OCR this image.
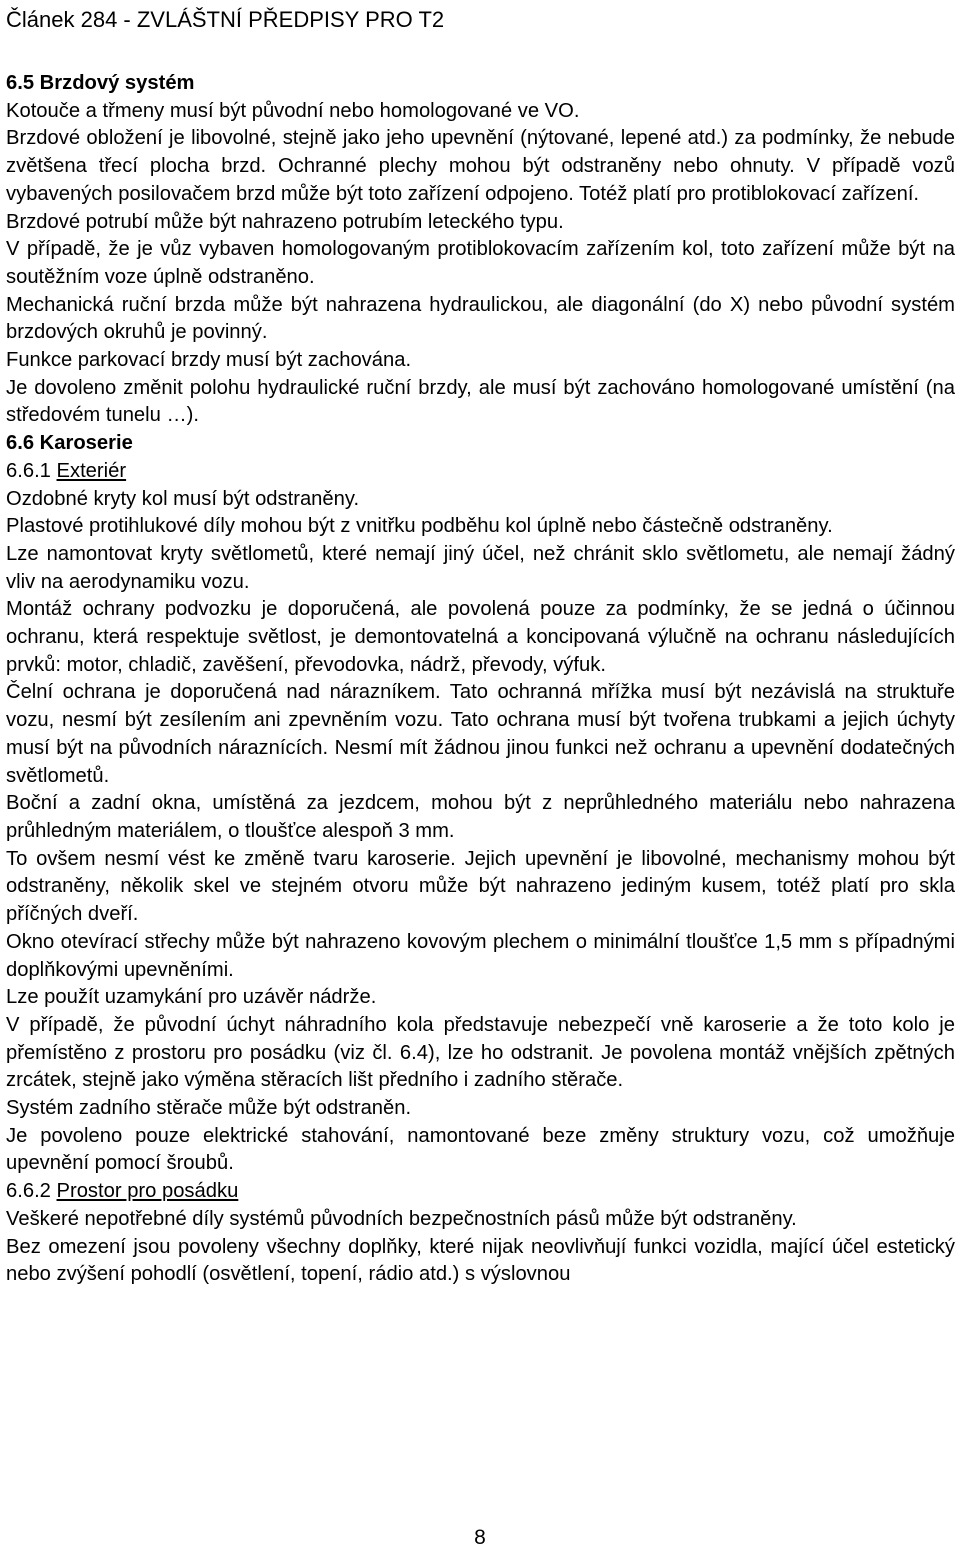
Článek 284 - ZVLÁŠTNÍ PŘEDPISY PRO T2

6.5 Brzdový systém

Kotouče a třmeny musí být původní nebo homologované ve VO.

Brzdové obložení je libovolné, stejně jako jeho upevnění (nýtované, lepené atd.) za podmínky, že nebude zvětšena třecí plocha brzd. Ochranné plechy mohou být odstraněny nebo ohnuty. V případě vozů vybavených posilovačem brzd může být toto zařízení odpojeno. Totéž platí pro protiblokovací zařízení.

Brzdové potrubí může být nahrazeno potrubím leteckého typu.

V případě, že je vůz vybaven homologovaným protiblokovacím zařízením kol, toto zařízení může být na soutěžním voze úplně odstraněno.

Mechanická ruční brzda může být nahrazena hydraulickou, ale diagonální (do X) nebo původní systém brzdových okruhů je povinný.

Funkce parkovací brzdy musí být zachována.

Je dovoleno změnit polohu hydraulické ruční brzdy, ale musí být zachováno homologované umístění (na středovém tunelu …).

6.6 Karoserie

6.6.1 Exteriér

Ozdobné kryty kol musí být odstraněny.

Plastové protihlukové díly mohou být z vnitřku podběhu kol úplně nebo částečně odstraněny.

Lze namontovat kryty světlometů, které nemají jiný účel, než chránit sklo světlometu, ale nemají žádný vliv na aerodynamiku vozu.

Montáž ochrany podvozku je doporučená, ale povolená pouze za podmínky, že se jedná o účinnou ochranu, která respektuje světlost, je demontovatelná a koncipovaná výlučně na ochranu následujících prvků: motor, chladič, zavěšení, převodovka, nádrž, převody, výfuk.

Čelní ochrana je doporučená nad nárazníkem. Tato ochranná mřížka musí být nezávislá na struktuře vozu, nesmí být zesílením ani zpevněním vozu. Tato ochrana musí být tvořena trubkami a jejich úchyty musí být na původních náraznících. Nesmí mít žádnou jinou funkci než ochranu a upevnění dodatečných světlometů.

Boční a zadní okna, umístěná za jezdcem, mohou být z neprůhledného materiálu nebo nahrazena průhledným materiálem, o tloušťce alespoň 3 mm.

To ovšem nesmí vést ke změně tvaru karoserie. Jejich upevnění je libovolné, mechanismy mohou být odstraněny, několik skel ve stejném otvoru může být nahrazeno jediným kusem, totéž platí pro skla příčných dveří.

Okno otevírací střechy může být nahrazeno kovovým plechem o minimální tloušťce 1,5 mm s případnými doplňkovými upevněními.

Lze použít uzamykání pro uzávěr nádrže.

V případě, že původní úchyt náhradního kola představuje nebezpečí vně karoserie a že toto kolo je přemístěno z prostoru pro posádku (viz čl. 6.4), lze ho odstranit. Je povolena montáž vnějších zpětných zrcátek, stejně jako výměna stěracích lišt předního i zadního stěrače.

Systém zadního stěrače může být odstraněn.

Je povoleno pouze elektrické stahování, namontované beze změny struktury vozu, což umožňuje upevnění pomocí šroubů.

6.6.2 Prostor pro posádku

Veškeré nepotřebné díly systémů původních bezpečnostních pásů může být odstraněny.

Bez omezení jsou povoleny všechny doplňky, které nijak neovlivňují funkci vozidla, mající účel estetický nebo zvýšení pohodlí (osvětlení, topení, rádio atd.) s výslovnou

8
